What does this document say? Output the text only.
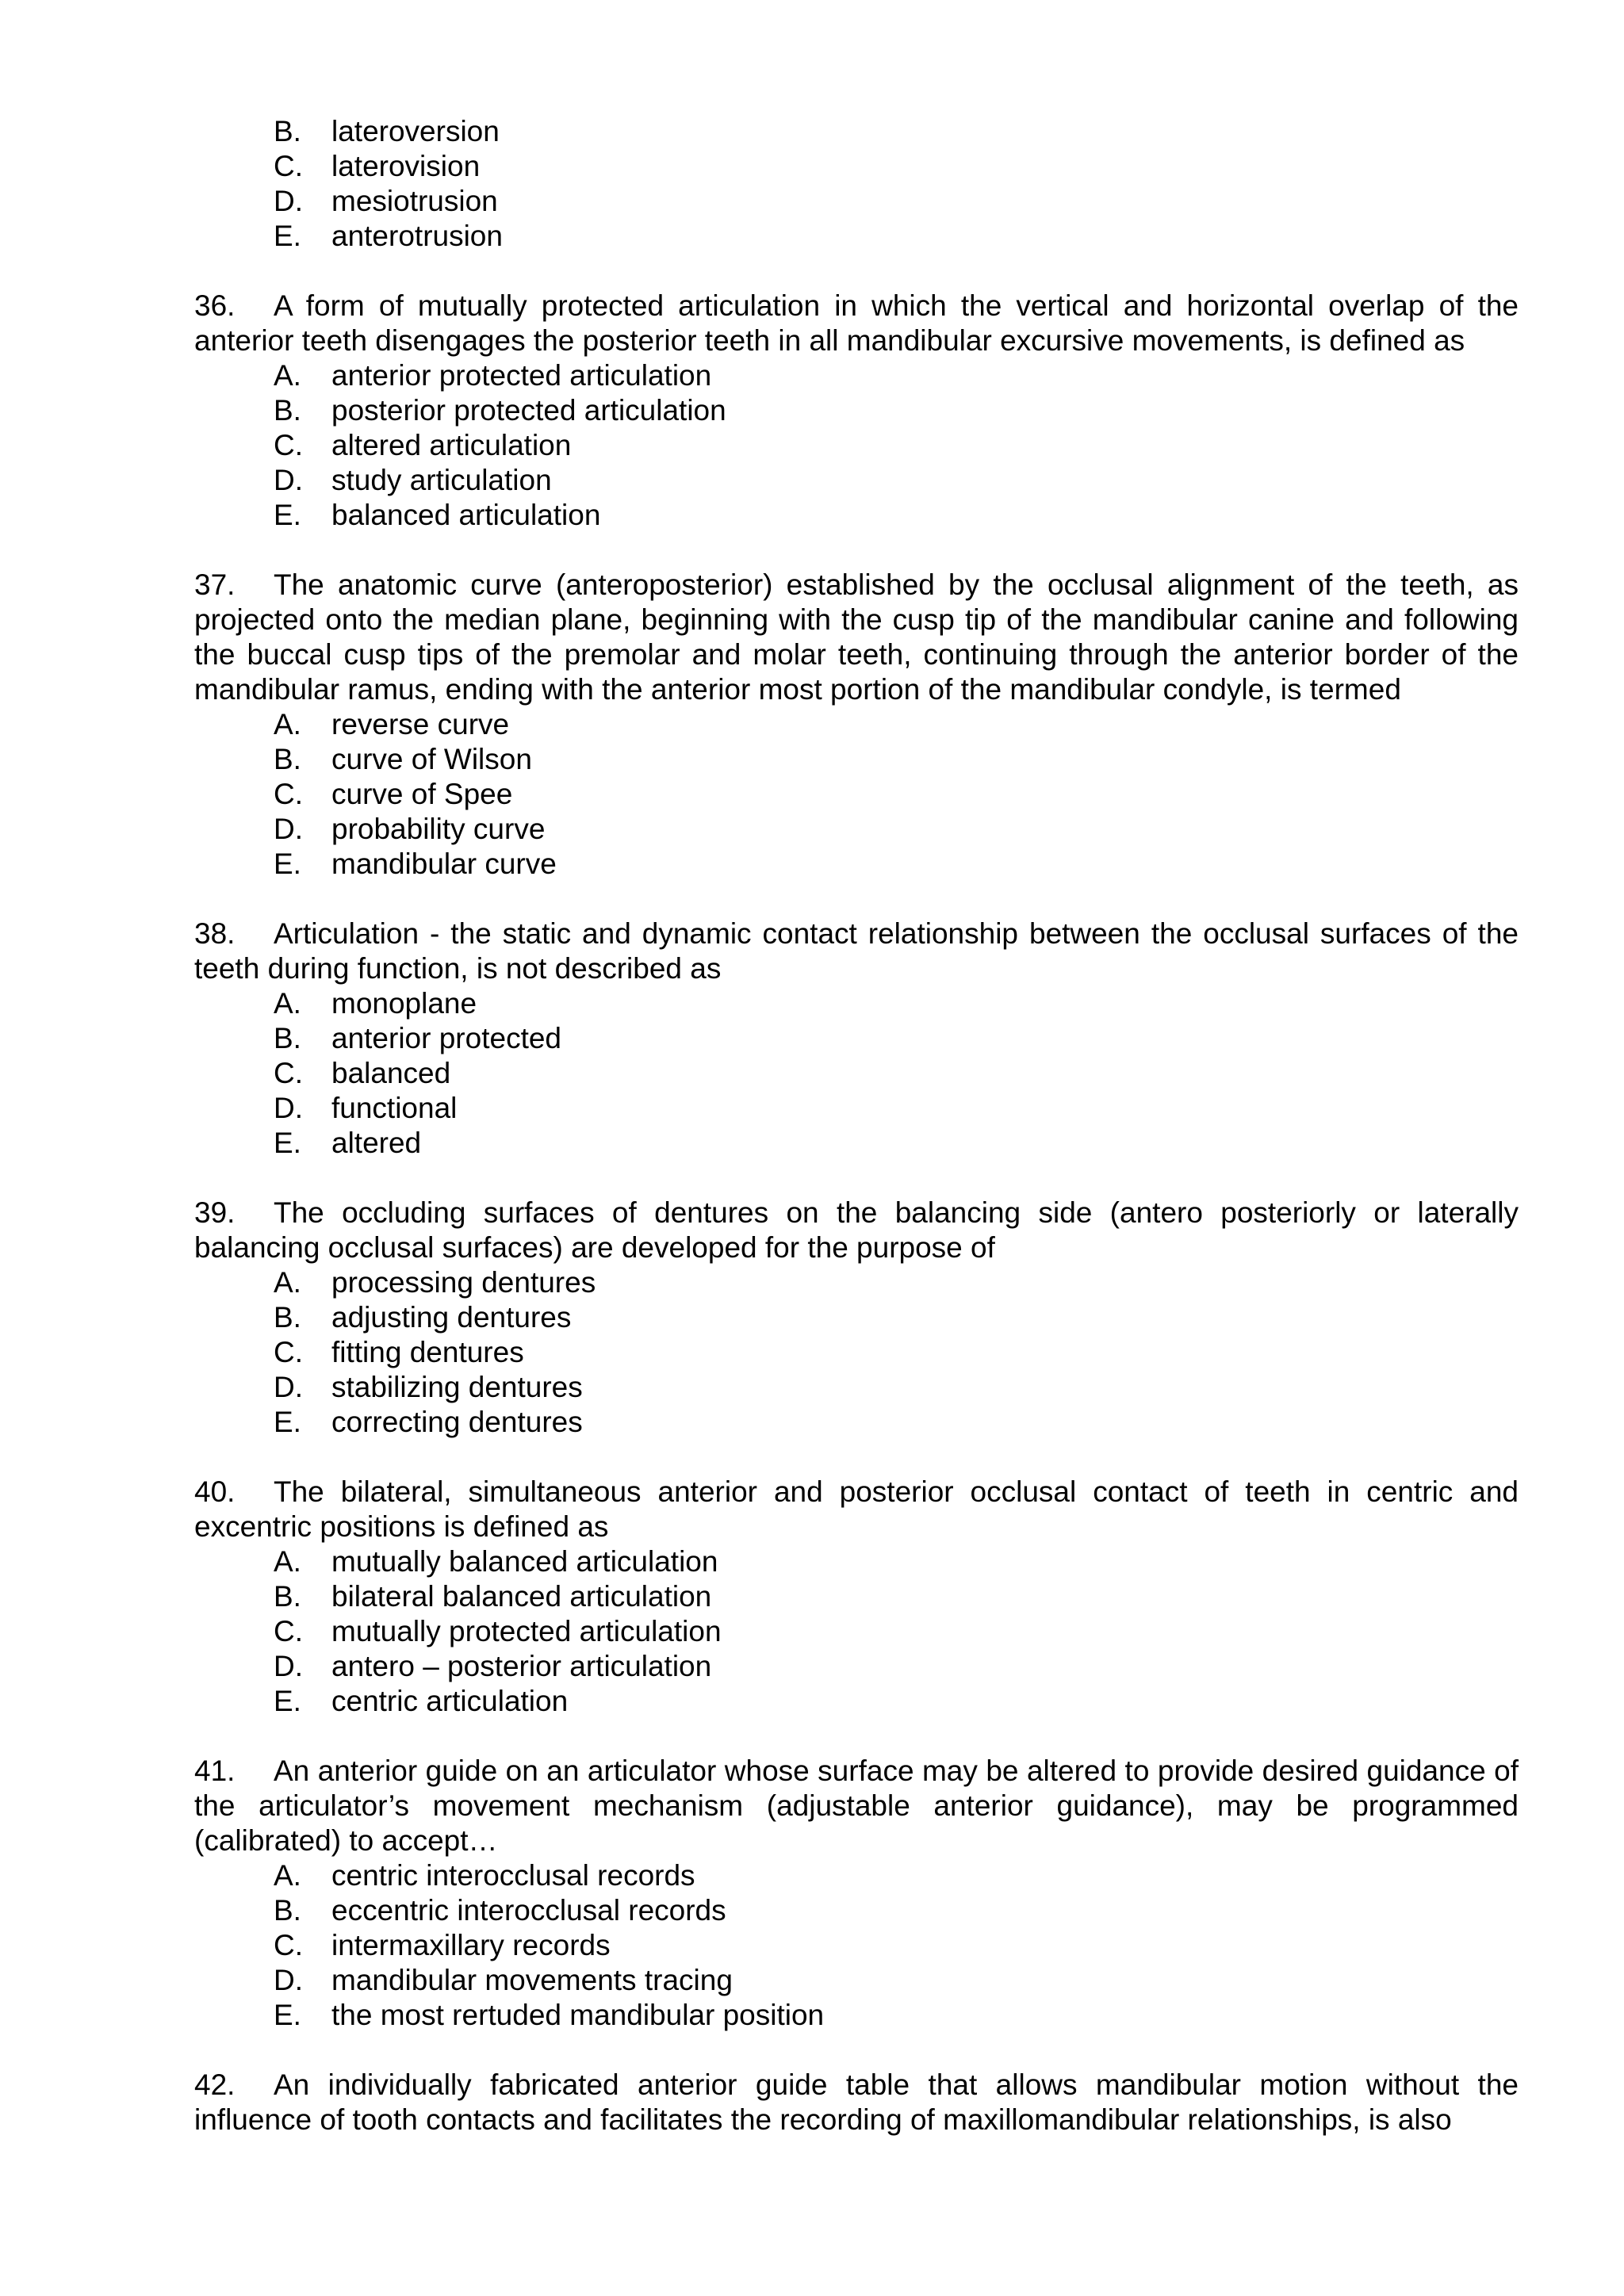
B.	lateroversion
C. laterovision
D. mesiotrusion
E.	anterotrusion
36. A form of mutually protected articulation in which the vertical and horizontal overlap of the anterior teeth disengages the posterior teeth in all mandibular excursive movements, is defined as
A.	anterior protected articulation
B.	posterior protected articulation
C. altered articulation
D. study articulation
E.	balanced articulation
37. The anatomic curve (anteroposterior) established by the occlusal alignment of the teeth, as projected onto the median plane, beginning with the cusp tip of the mandibular canine and following the buccal cusp tips of the premolar and molar teeth, continuing through the anterior border of the mandibular ramus, ending with the anterior most portion of the mandibular condyle, is termed
A.	reverse curve
B.	curve of Wilson
C. curve of Spee
D. probability curve
E.	mandibular curve
38. Articulation - the static and dynamic contact relationship between the occlusal surfaces of the teeth during function, is not described as
A.	monoplane
B.	anterior protected
C. balanced
D. functional
E.	altered
39. The occluding surfaces of dentures on the balancing side (antero posteriorly or laterally balancing occlusal surfaces) are developed for the purpose of
A.	processing dentures
B.	adjusting dentures
C. fitting dentures
D. stabilizing dentures
E.	correcting dentures
40. The bilateral, simultaneous anterior and posterior occlusal contact of teeth in centric and excentric positions is defined as
A.	mutually balanced articulation
B.	bilateral balanced articulation
C. mutually protected articulation
D. antero – posterior articulation
E.	centric articulation
41. An anterior guide on an articulator whose surface may be altered to provide desired guidance of the articulator’s movement mechanism (adjustable anterior guidance), may be programmed (calibrated) to accept…
A.	centric interocclusal records
B.	eccentric interocclusal records
C. intermaxillary records
D. mandibular movements tracing
E.	the most rertuded mandibular position
42. An individually fabricated anterior guide table that allows mandibular motion without the influence of tooth contacts and facilitates the recording of maxillomandibular relationships, is also
